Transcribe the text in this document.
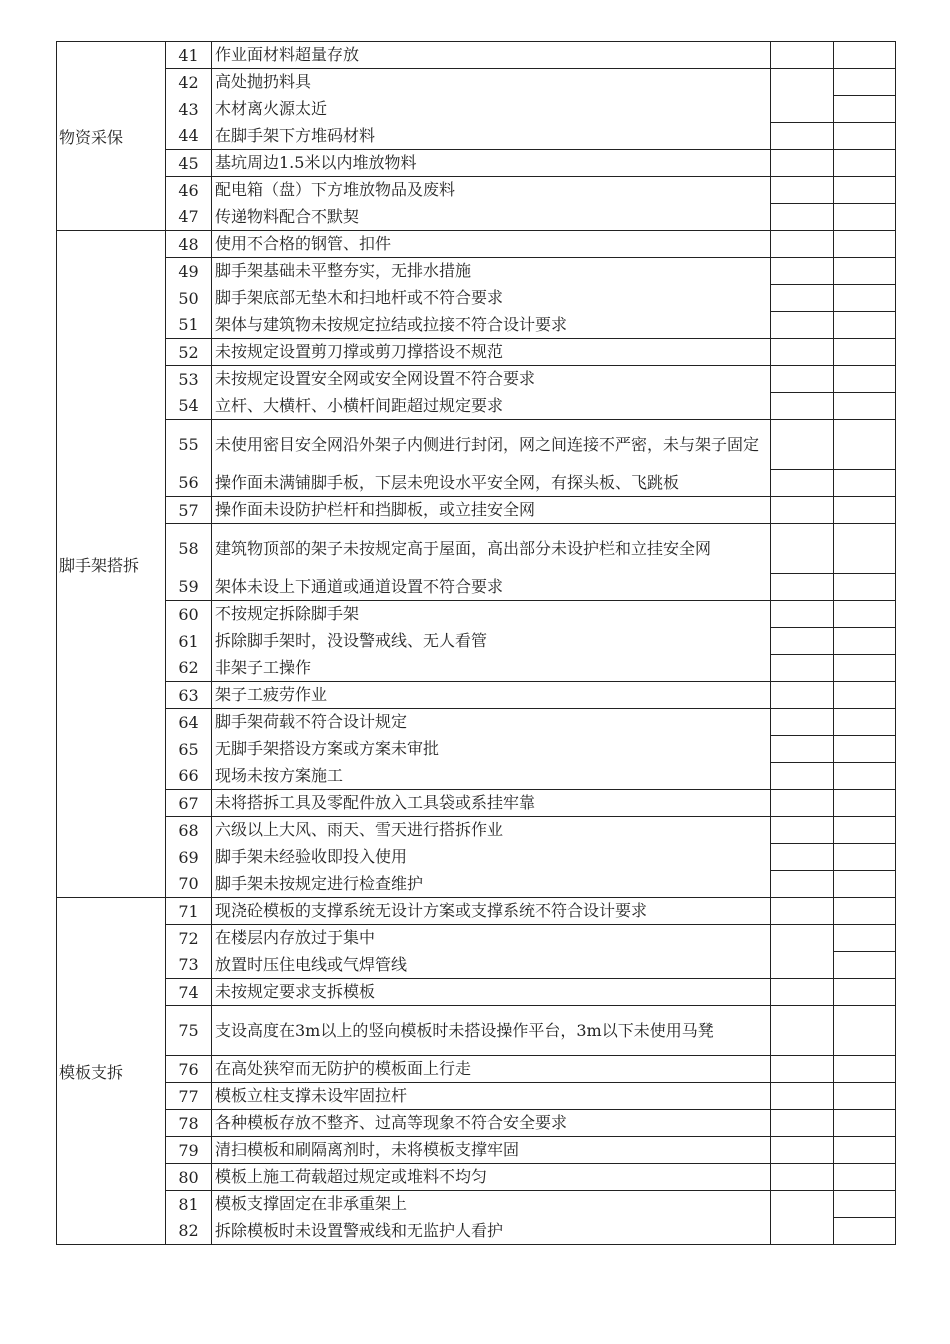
物资采保	41	作业面材料超量存放		
	42	高处抛扔料具		
	43	木材离火源太近		
	44	在脚手架下方堆码材料		
	45	基坑周边1.5米以内堆放物料		
	46	配电箱（盘）下方堆放物品及废料		
	47	传递物料配合不默契		
脚手架搭拆	48	使用不合格的钢管、扣件		
	49	脚手架基础未平整夯实，无排水措施		
	50	脚手架底部无垫木和扫地杆或不符合要求		
	51	架体与建筑物未按规定拉结或拉接不符合设计要求		
	52	未按规定设置剪刀撑或剪刀撑搭设不规范		
	53	未按规定设置安全网或安全网设置不符合要求		
	54	立杆、大横杆、小横杆间距超过规定要求		
	55	未使用密目安全网沿外架子内侧进行封闭，网之间连接不严密，未与架子固定		
	56	操作面未满铺脚手板，下层未兜设水平安全网，有探头板、飞跳板		
	57	操作面未设防护栏杆和挡脚板，或立挂安全网		
	58	建筑物顶部的架子未按规定高于屋面，高出部分未设护栏和立挂安全网		
	59	架体未设上下通道或通道设置不符合要求		
	60	不按规定拆除脚手架		
	61	拆除脚手架时，没设警戒线、无人看管		
	62	非架子工操作		
	63	架子工疲劳作业		
	64	脚手架荷载不符合设计规定		
	65	无脚手架搭设方案或方案未审批		
	66	现场未按方案施工		
	67	未将搭拆工具及零配件放入工具袋或系挂牢靠		
	68	六级以上大风、雨天、雪天进行搭拆作业		
	69	脚手架未经验收即投入使用		
	70	脚手架未按规定进行检查维护		
模板支拆	71	现浇砼模板的支撑系统无设计方案或支撑系统不符合设计要求		
	72	在楼层内存放过于集中		
	73	放置时压住电线或气焊管线		
	74	未按规定要求支拆模板		
	75	支设高度在3m以上的竖向模板时未搭设操作平台，3m以下未使用马凳		
	76	在高处狭窄而无防护的模板面上行走		
	77	模板立柱支撑未设牢固拉杆		
	78	各种模板存放不整齐、过高等现象不符合安全要求		
	79	清扫模板和刷隔离剂时，未将模板支撑牢固		
	80	模板上施工荷载超过规定或堆料不均匀		
	81	模板支撑固定在非承重架上		
	82	拆除模板时未设置警戒线和无监护人看护		
